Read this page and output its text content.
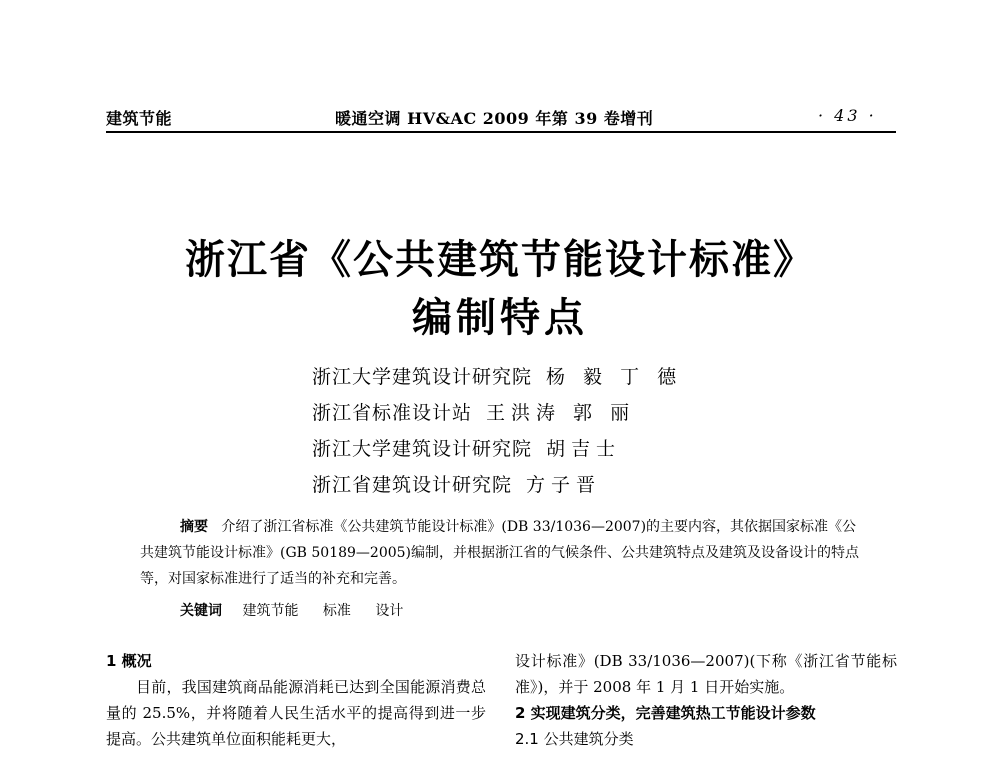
建筑节能	暖通空调 HV&AC 2009 年第 39 卷增刊	· 43 ·
浙江省《公共建筑节能设计标准》
编制特点
浙江大学建筑设计研究院 杨 毅 丁 德
浙江省标准设计站 王洪涛 郭 丽
浙江大学建筑设计研究院 胡吉士
浙江省建筑设计研究院 方子晋
摘要 介绍了浙江省标准《公共建筑节能设计标准》(DB 33/1036—2007)的主要内容，其依据国家标准《公共建筑节能设计标准》(GB 50189—2005)编制，并根据浙江省的气候条件、公共建筑特点及建筑及设备设计的特点等，对国家标准进行了适当的补充和完善。
关键词 建筑节能 标准 设计
1 概况
目前，我国建筑商品能源消耗已达到全国能源消费总量的 25.5%，并将随着人民生活水平的提高得到进一步提高。公共建筑单位面积能耗更大，
设计标准》(DB 33/1036—2007)(下称《浙江省节能标准》)，并于 2008 年 1 月 1 日开始实施。
2 实现建筑分类，完善建筑热工节能设计参数
2.1 公共建筑分类
